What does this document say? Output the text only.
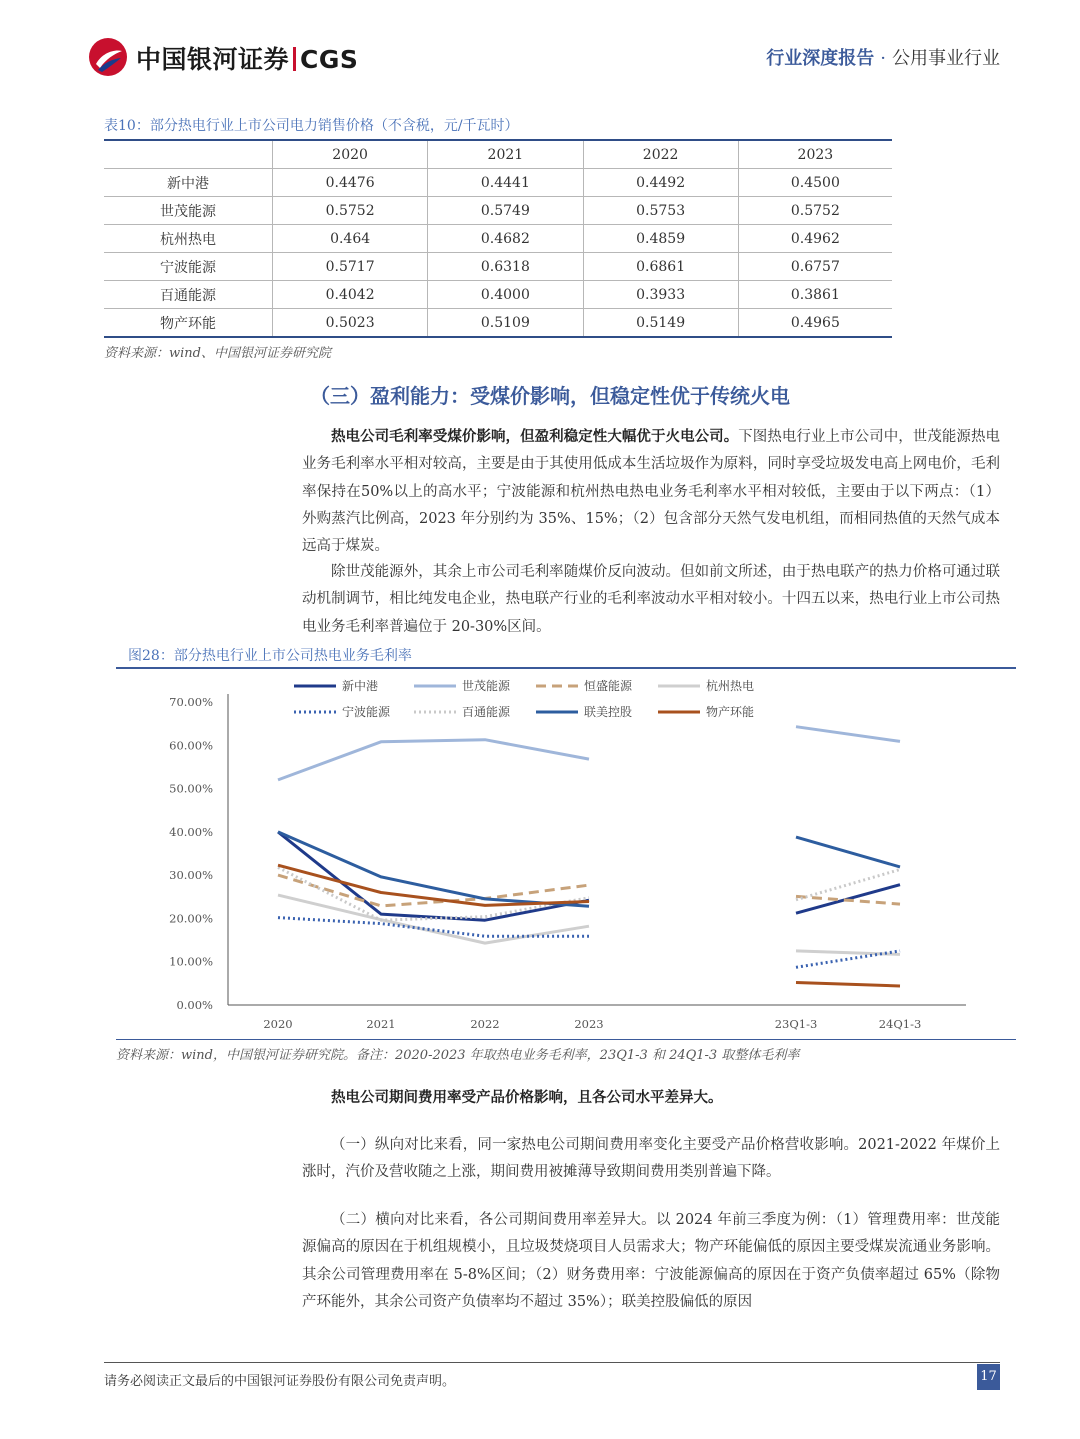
中国银河证券 CGS	行业深度报告 · 公用事业行业
表10：部分热电行业上市公司电力销售价格（不含税，元/千瓦时）
	2020	2021	2022	2023
新中港	0.4476	0.4441	0.4492	0.4500
世茂能源	0.5752	0.5749	0.5753	0.5752
杭州热电	0.464	0.4682	0.4859	0.4962
宁波能源	0.5717	0.6318	0.6861	0.6757
百通能源	0.4042	0.4000	0.3933	0.3861
物产环能	0.5023	0.5109	0.5149	0.4965
资料来源：wind、中国银河证券研究院
（三）盈利能力：受煤价影响，但稳定性优于传统火电
热电公司毛利率受煤价影响，但盈利稳定性大幅优于火电公司。下图热电行业上市公司中，世茂能源热电业务毛利率水平相对较高，主要是由于其使用低成本生活垃圾作为原料，同时享受垃圾发电高上网电价，毛利率保持在50%以上的高水平；宁波能源和杭州热电热电业务毛利率水平相对较低，主要由于以下两点：（1）外购蒸汽比例高，2023 年分别约为 35%、15%；（2）包含部分天然气发电机组，而相同热值的天然气成本远高于煤炭。
除世茂能源外，其余上市公司毛利率随煤价反向波动。但如前文所述，由于热电联产的热力价格可通过联动机制调节，相比纯发电企业，热电联产行业的毛利率波动水平相对较小。十四五以来，热电行业上市公司热电业务毛利率普遍位于 20-30%区间。
图28：部分热电行业上市公司热电业务毛利率
新中港	世茂能源	恒盛能源	杭州热电
宁波能源	百通能源	联美控股	物产环能
0.00%
10.00%
20.00%
30.00%
40.00%
50.00%
60.00%
70.00%
2020	2021	2022	2023	23Q1-3	24Q1-3
资料来源：wind，中国银河证券研究院。备注：2020-2023 年取热电业务毛利率，23Q1-3 和 24Q1-3 取整体毛利率
热电公司期间费用率受产品价格影响，且各公司水平差异大。
（一）纵向对比来看，同一家热电公司期间费用率变化主要受产品价格营收影响。2021-2022 年煤价上涨时，汽价及营收随之上涨，期间费用被摊薄导致期间费用类别普遍下降。
（二）横向对比来看，各公司期间费用率差异大。以 2024 年前三季度为例：（1）管理费用率：世茂能源偏高的原因在于机组规模小，且垃圾焚烧项目人员需求大；物产环能偏低的原因主要受煤炭流通业务影响。其余公司管理费用率在 5-8%区间；（2）财务费用率：宁波能源偏高的原因在于资产负债率超过 65%（除物产环能外，其余公司资产负债率均不超过 35%）；联美控股偏低的原因
请务必阅读正文最后的中国银河证券股份有限公司免责声明。	17
